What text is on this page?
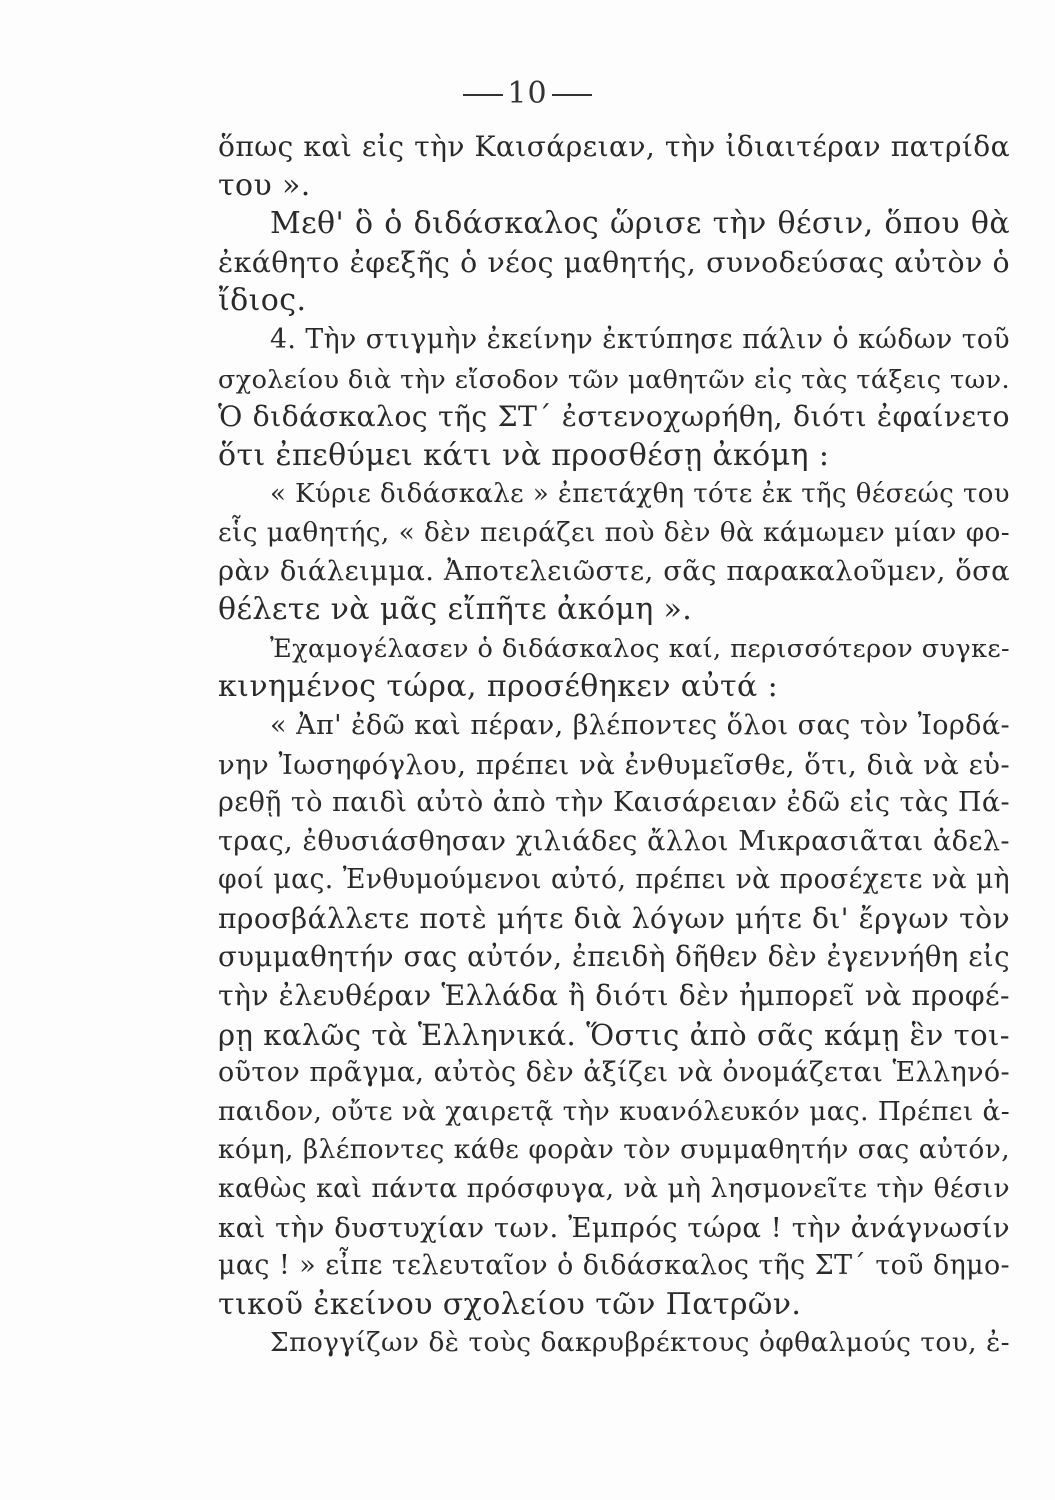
10
ὅπως καὶ εἰς τὴν Καισάρειαν, τὴν ἰδιαιτέραν πατρίδα
του ».
Μεθ' ὃ ὁ διδάσκαλος ὥρισε τὴν θέσιν, ὅπου θὰ
ἐκάθητο ἐφεξῆς ὁ νέος μαθητής, συνοδεύσας αὐτὸν ὁ
ἴδιος.
4. Τὴν στιγμὴν ἐκείνην ἐκτύπησε πάλιν ὁ κώδων τοῦ
σχολείου διὰ τὴν εἴσοδον τῶν μαθητῶν εἰς τὰς τάξεις των.
Ὁ διδάσκαλος τῆς ΣΤ΄ ἐστενοχωρήθη, διότι ἐφαίνετο
ὅτι ἐπεθύμει κάτι νὰ προσθέσῃ ἀκόμη :
« Κύριε διδάσκαλε » ἐπετάχθη τότε ἐκ τῆς θέσεώς του
εἷς μαθητής, « δὲν πειράζει ποὺ δὲν θὰ κάμωμεν μίαν φο-
ρὰν διάλειμμα. Ἀποτελειῶστε, σᾶς παρακαλοῦμεν, ὅσα
θέλετε νὰ μᾶς εἴπῆτε ἀκόμη ».
Ἐχαμογέλασεν ὁ διδάσκαλος καί, περισσότερον συγκε-
κινημένος τώρα, προσέθηκεν αὐτά :
« Ἀπ' ἐδῶ καὶ πέραν, βλέποντες ὅλοι σας τὸν Ἰορδά-
νην Ἰωσηφόγλου, πρέπει νὰ ἐνθυμεῖσθε, ὅτι, διὰ νὰ εὑ-
ρεθῇ τὸ παιδὶ αὐτὸ ἀπὸ τὴν Καισάρειαν ἐδῶ εἰς τὰς Πά-
τρας, ἐθυσιάσθησαν χιλιάδες ἄλλοι Μικρασιᾶται ἀδελ-
φοί μας. Ἐνθυμούμενοι αὐτό, πρέπει νὰ προσέχετε νὰ μὴ
προσβάλλετε ποτὲ μήτε διὰ λόγων μήτε δι' ἔργων τὸν
συμμαθητήν σας αὐτόν, ἐπειδὴ δῆθεν δὲν ἐγεννήθη εἰς
τὴν ἐλευθέραν Ἑλλάδα ἢ διότι δὲν ἠμπορεῖ νὰ προφέ-
ρῃ καλῶς τὰ Ἑλληνικά. Ὅστις ἀπὸ σᾶς κάμῃ ἓν τοι-
οῦτον πρᾶγμα, αὐτὸς δὲν ἀξίζει νὰ ὀνομάζεται Ἑλληνό-
παιδον, οὔτε νὰ χαιρετᾷ τὴν κυανόλευκόν μας. Πρέπει ἀ-
κόμη, βλέποντες κάθε φορὰν τὸν συμμαθητήν σας αὐτόν,
καθὼς καὶ πάντα πρόσφυγα, νὰ μὴ λησμονεῖτε τὴν θέσιν
καὶ τὴν δυστυχίαν των. Ἐμπρός τώρα ! τὴν ἀνάγνωσίν
μας ! » εἶπε τελευταῖον ὁ διδάσκαλος τῆς ΣΤ΄ τοῦ δημο-
τικοῦ ἐκείνου σχολείου τῶν Πατρῶν.
Σπογγίζων δὲ τοὺς δακρυβρέκτους ὀφθαλμούς του, ἐ-
